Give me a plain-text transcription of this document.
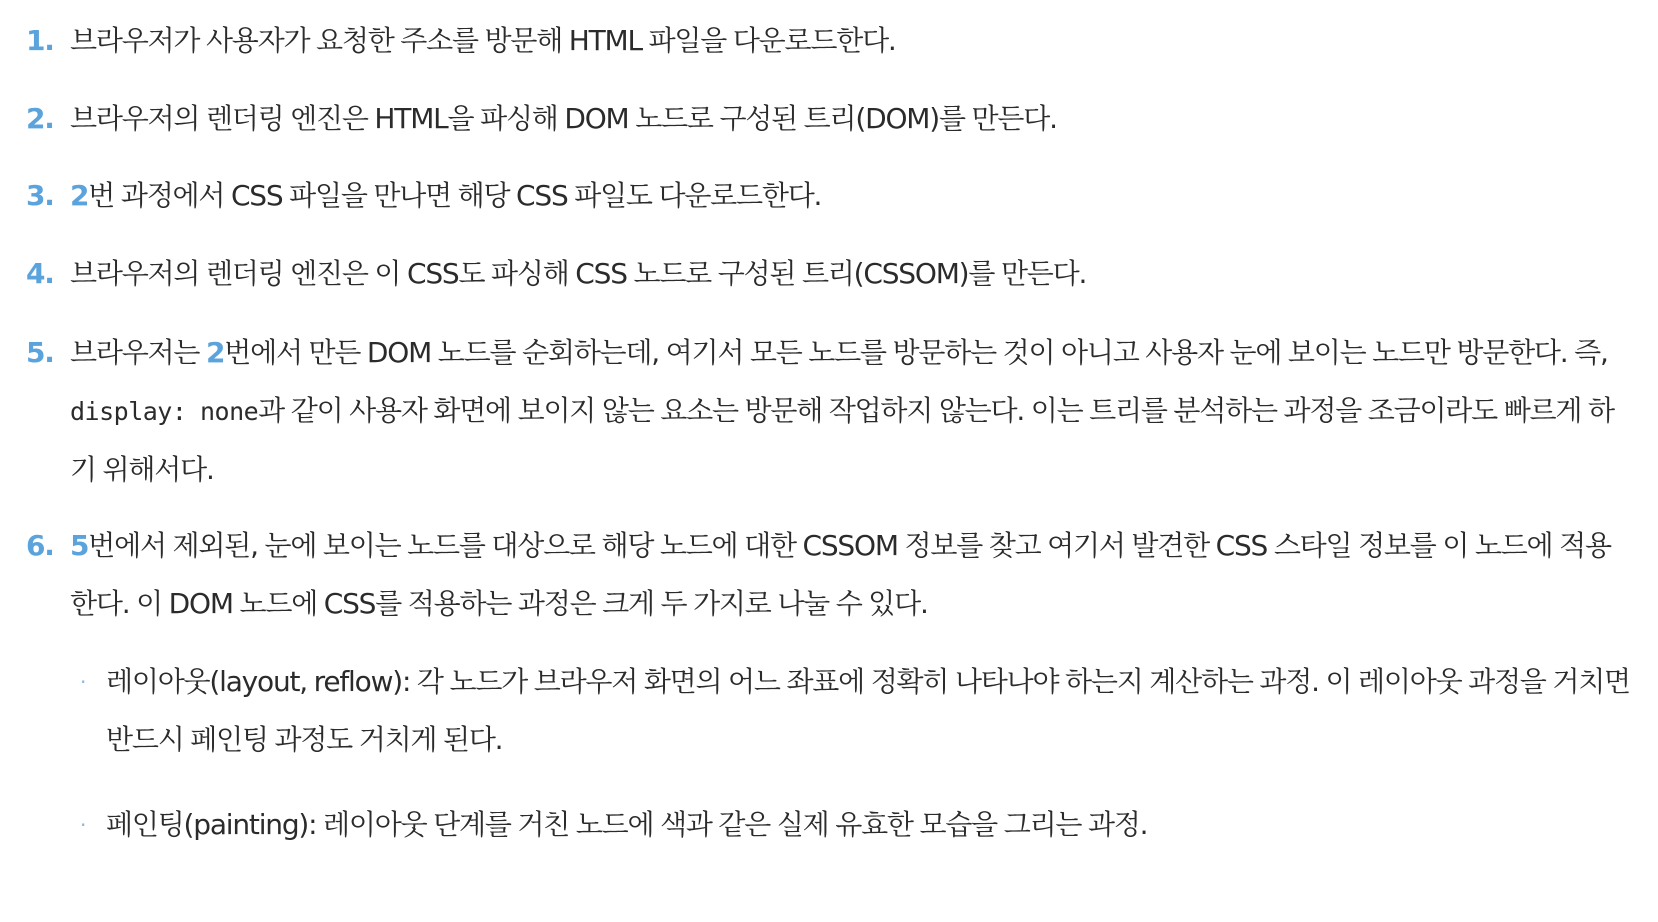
1. 브라우저가 사용자가 요청한 주소를 방문해 HTML 파일을 다운로드한다.
2. 브라우저의 렌더링 엔진은 HTML을 파싱해 DOM 노드로 구성된 트리(DOM)를 만든다.
3. 2번 과정에서 CSS 파일을 만나면 해당 CSS 파일도 다운로드한다.
4. 브라우저의 렌더링 엔진은 이 CSS도 파싱해 CSS 노드로 구성된 트리(CSSOM)를 만든다.
5. 브라우저는 2번에서 만든 DOM 노드를 순회하는데, 여기서 모든 노드를 방문하는 것이 아니고 사용자 눈에 보이는 노드만 방문한다. 즉, display: none과 같이 사용자 화면에 보이지 않는 요소는 방문해 작업하지 않는다. 이는 트리를 분석하는 과정을 조금이라도 빠르게 하기 위해서다.
6. 5번에서 제외된, 눈에 보이는 노드를 대상으로 해당 노드에 대한 CSSOM 정보를 찾고 여기서 발견한 CSS 스타일 정보를 이 노드에 적용한다. 이 DOM 노드에 CSS를 적용하는 과정은 크게 두 가지로 나눌 수 있다.
· 레이아웃(layout, reflow): 각 노드가 브라우저 화면의 어느 좌표에 정확히 나타나야 하는지 계산하는 과정. 이 레이아웃 과정을 거치면 반드시 페인팅 과정도 거치게 된다.
· 페인팅(painting): 레이아웃 단계를 거친 노드에 색과 같은 실제 유효한 모습을 그리는 과정.
